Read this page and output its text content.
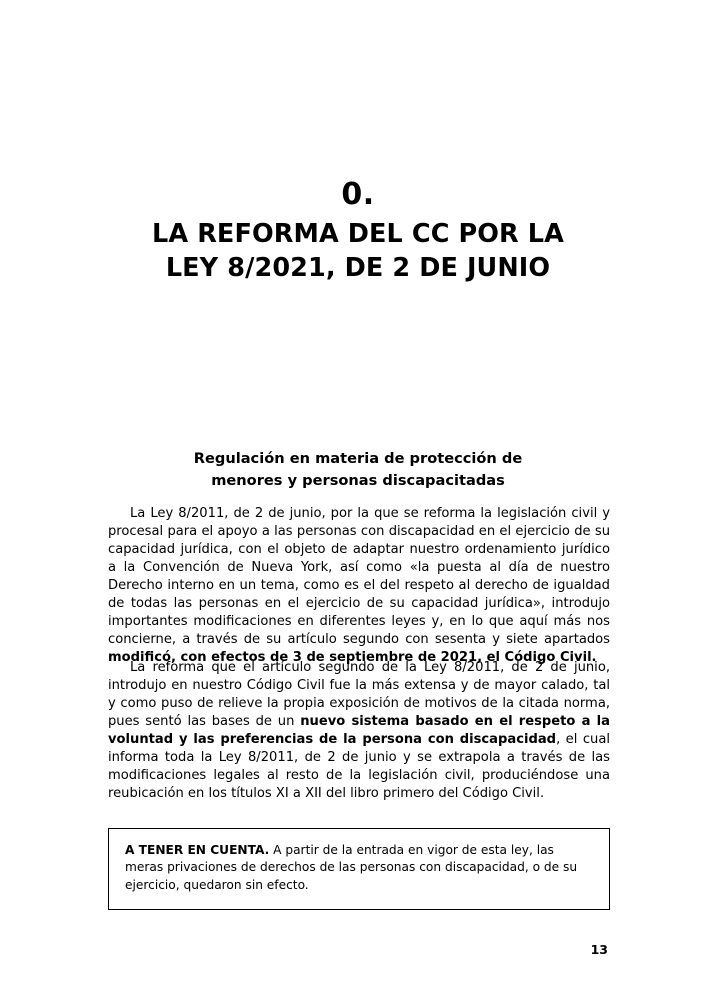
0.
LA REFORMA DEL CC POR LA
LEY 8/2021, DE 2 DE JUNIO
Regulación en materia de protección de
menores y personas discapacitadas

La Ley 8/2011, de 2 de junio, por la que se reforma la legislación civil y procesal para el apoyo a las personas con discapacidad en el ejercicio de su capacidad jurídica, con el objeto de adaptar nuestro ordenamiento jurídico a la Convención de Nueva York, así como «la puesta al día de nuestro Derecho interno en un tema, como es el del respeto al derecho de igualdad de todas las personas en el ejercicio de su capacidad jurídica», introdujo importantes modificaciones en diferentes leyes y, en lo que aquí más nos concierne, a través de su artículo segundo con sesenta y siete apartados modificó, con efectos de 3 de septiembre de 2021, el Código Civil.

La reforma que el artículo segundo de la Ley 8/2011, de 2 de junio, introdujo en nuestro Código Civil fue la más extensa y de mayor calado, tal y como puso de relieve la propia exposición de motivos de la citada norma, pues sentó las bases de un nuevo sistema basado en el respeto a la voluntad y las preferencias de la persona con discapacidad, el cual informa toda la Ley 8/2011, de 2 de junio y se extrapola a través de las modificaciones legales al resto de la legislación civil, produciéndose una reubicación en los títulos XI a XII del libro primero del Código Civil.

A TENER EN CUENTA. A partir de la entrada en vigor de esta ley, las meras privaciones de derechos de las personas con discapacidad, o de su ejercicio, quedaron sin efecto.
13
